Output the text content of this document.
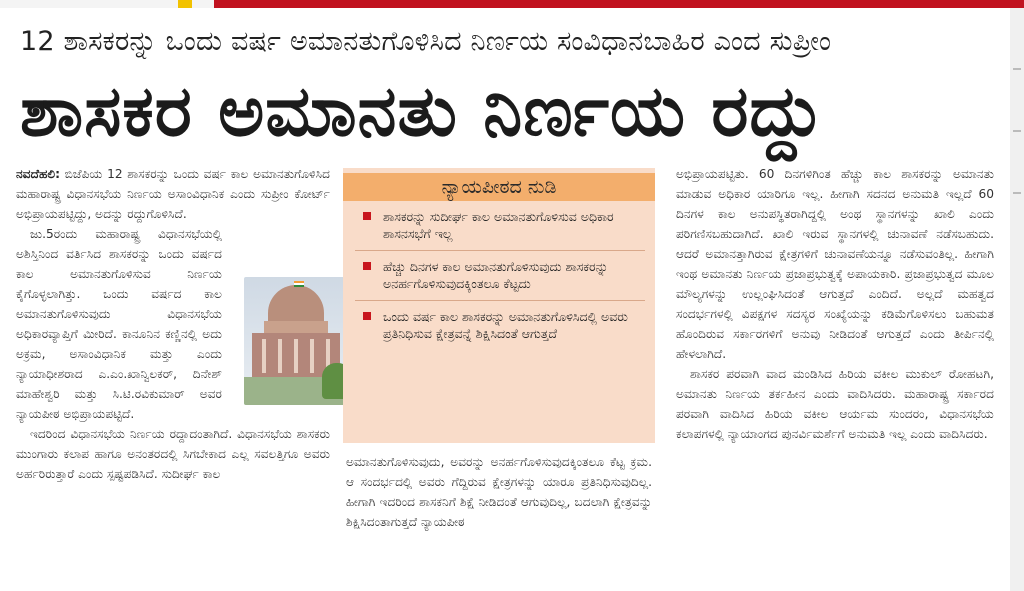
12 ಶಾಸಕರನ್ನು ಒಂದು ವರ್ಷ ಅಮಾನತುಗೊಳಿಸಿದ ನಿರ್ಣಯ ಸಂವಿಧಾನಬಾಹಿರ ಎಂದ ಸುಪ್ರೀಂ
ಶಾಸಕರ ಅಮಾನತು ನಿರ್ಣಯ ರದ್ದು

ನವದೆಹಲಿ: ಬಿಜೆಪಿಯ 12 ಶಾಸಕರನ್ನು ಒಂದು ವರ್ಷ ಕಾಲ ಅಮಾನತುಗೊಳಿಸಿದ ಮಹಾರಾಷ್ಟ್ರ ವಿಧಾನಸಭೆಯ ನಿರ್ಣಯ ಅಸಾಂವಿಧಾನಿಕ ಎಂದು ಸುಪ್ರೀಂ ಕೋರ್ಟ್ ಅಭಿಪ್ರಾಯಪಟ್ಟಿದ್ದು, ಅದನ್ನು ರದ್ದುಗೊಳಿಸಿದೆ.

ಜು.5ರಂದು ಮಹಾರಾಷ್ಟ್ರ ವಿಧಾನಸಭೆಯಲ್ಲಿ ಅಶಿಸ್ತಿನಿಂದ ವರ್ತಿಸಿದ ಶಾಸಕರನ್ನು ಒಂದು ವರ್ಷದ ಕಾಲ ಅಮಾನತುಗೊಳಿಸುವ ನಿರ್ಣಯ ಕೈಗೊಳ್ಳಲಾಗಿತ್ತು. ಒಂದು ವರ್ಷದ ಕಾಲ ಅಮಾನತುಗೊಳಿಸುವುದು ವಿಧಾನಸಭೆಯ ಅಧಿಕಾರವ್ಯಾಪ್ತಿಗೆ ಮೀರಿದೆ. ಕಾನೂನಿನ ಕಣ್ಣಿನಲ್ಲಿ ಅದು ಅಕ್ರಮ, ಅಸಾಂವಿಧಾನಿಕ ಮತ್ತು ಎಂದು ನ್ಯಾಯಾಧೀಶರಾದ ಎ.ಎಂ.ಖಾನ್ವಿಲಕರ್, ದಿನೇಶ್ ಮಾಹೇಶ್ವರಿ ಮತ್ತು ಸಿ.ಟಿ.ರವಿಕುಮಾರ್ ಅವರ ನ್ಯಾಯಪೀಠ ಅಭಿಪ್ರಾಯಪಟ್ಟಿದೆ.

ಇದರಿಂದ ವಿಧಾನಸಭೆಯ ನಿರ್ಣಯ ರದ್ದಾದಂತಾಗಿದೆ. ವಿಧಾನಸಭೆಯ ಶಾಸಕರು ಮುಂಗಾರು ಕಲಾಪ ಹಾಗೂ ಅನಂತರದಲ್ಲಿ ಸಿಗಬೇಕಾದ ಎಲ್ಲ ಸವಲತ್ತಿಗೂ ಅವರು ಅರ್ಹರಿರುತ್ತಾರೆ ಎಂದು ಸ್ಪಷ್ಟಪಡಿಸಿದೆ. ಸುದೀರ್ಘ ಕಾಲ

ನ್ಯಾಯಪೀಠದ ನುಡಿ
ಶಾಸಕರನ್ನು ಸುದೀರ್ಘ ಕಾಲ ಅಮಾನತುಗೊಳಿಸುವ ಅಧಿಕಾರ ಶಾಸನಸಭೆಗೆ ಇಲ್ಲ
ಹೆಚ್ಚು ದಿನಗಳ ಕಾಲ ಅಮಾನತುಗೊಳಿಸುವುದು ಶಾಸಕರನ್ನು ಅನರ್ಹಗೊಳಿಸುವುದಕ್ಕಿಂತಲೂ ಕೆಟ್ಟದು
ಒಂದು ವರ್ಷ ಕಾಲ ಶಾಸಕರನ್ನು ಅಮಾನತುಗೊಳಿಸಿದಲ್ಲಿ ಅವರು ಪ್ರತಿನಿಧಿಸುವ ಕ್ಷೇತ್ರವನ್ನೆ ಶಿಕ್ಷಿಸಿದಂತೆ ಆಗುತ್ತದೆ

ಅಮಾನತುಗೊಳಿಸುವುದು, ಅವರನ್ನು ಅನರ್ಹಗೊಳಿಸುವುದಕ್ಕಿಂತಲೂ ಕೆಟ್ಟ ಕ್ರಮ. ಆ ಸಂದರ್ಭದಲ್ಲಿ ಅವರು ಗೆದ್ದಿರುವ ಕ್ಷೇತ್ರಗಳನ್ನು ಯಾರೂ ಪ್ರತಿನಿಧಿಸುವುದಿಲ್ಲ. ಹೀಗಾಗಿ ಇದರಿಂದ ಶಾಸಕನಿಗೆ ಶಿಕ್ಷೆ ನೀಡಿದಂತೆ ಆಗುವುದಿಲ್ಲ, ಬದಲಾಗಿ ಕ್ಷೇತ್ರವನ್ನು ಶಿಕ್ಷಿಸಿದಂತಾಗುತ್ತದೆ ನ್ಯಾಯಪೀಠ

ಅಭಿಪ್ರಾಯಪಟ್ಟಿತು. 60 ದಿನಗಳಿಗಿಂತ ಹೆಚ್ಚು ಕಾಲ ಶಾಸಕರನ್ನು ಅಮಾನತು ಮಾಡುವ ಅಧಿಕಾರ ಯಾರಿಗೂ ಇಲ್ಲ. ಹೀಗಾಗಿ ಸದನದ ಅನುಮತಿ ಇಲ್ಲದೆ 60 ದಿನಗಳ ಕಾಲ ಅನುಪಸ್ಥಿತರಾಗಿದ್ದಲ್ಲಿ ಅಂಥ ಸ್ಥಾನಗಳನ್ನು ಖಾಲಿ ಎಂದು ಪರಿಗಣಿಸಬಹುದಾಗಿದೆ. ಖಾಲಿ ಇರುವ ಸ್ಥಾನಗಳಲ್ಲಿ ಚುನಾವಣೆ ನಡೆಸಬಹುದು. ಆದರೆ ಅಮಾನತ್ತಾಗಿರುವ ಕ್ಷೇತ್ರಗಳಿಗೆ ಚುನಾವಣೆಯನ್ನೂ ನಡೆಸುವಂತಿಲ್ಲ. ಹೀಗಾಗಿ ಇಂಥ ಅಮಾನತು ನಿರ್ಣಯ ಪ್ರಜಾಪ್ರಭುತ್ವಕ್ಕೆ ಅಪಾಯಕಾರಿ. ಪ್ರಜಾಪ್ರಭುತ್ವದ ಮೂಲ ಮೌಲ್ಯಗಳನ್ನು ಉಲ್ಲಂಘಿಸಿದಂತೆ ಆಗುತ್ತದೆ ಎಂದಿದೆ. ಅಲ್ಲದೆ ಮಹತ್ವದ ಸಂದರ್ಭಗಳಲ್ಲಿ ವಿಪಕ್ಷಗಳ ಸದಸ್ಯರ ಸಂಖ್ಯೆಯನ್ನು ಕಡಿಮೆಗೊಳಿಸಲು ಬಹುಮತ ಹೊಂದಿರುವ ಸರ್ಕಾರಗಳಿಗೆ ಅನುವು ನೀಡಿದಂತೆ ಆಗುತ್ತದೆ ಎಂದು ತೀರ್ಪಿನಲ್ಲಿ ಹೇಳಲಾಗಿದೆ.

ಶಾಸಕರ ಪರವಾಗಿ ವಾದ ಮಂಡಿಸಿದ ಹಿರಿಯ ವಕೀಲ ಮುಕುಲ್ ರೋಹಟಗಿ, ಅಮಾನತು ನಿರ್ಣಯ ತರ್ಕಹೀನ ಎಂದು ವಾದಿಸಿದರು. ಮಹಾರಾಷ್ಟ್ರ ಸರ್ಕಾರದ ಪರವಾಗಿ ವಾದಿಸಿದ ಹಿರಿಯ ವಕೀಲ ಆರ್ಯಮ ಸುಂದರಂ, ವಿಧಾನಸಭೆಯ ಕಲಾಪಗಳಲ್ಲಿ ನ್ಯಾಯಾಂಗದ ಪುನರ್ವಿಮರ್ಶೆಗೆ ಅನುಮತಿ ಇಲ್ಲ ಎಂದು ವಾದಿಸಿದರು.
